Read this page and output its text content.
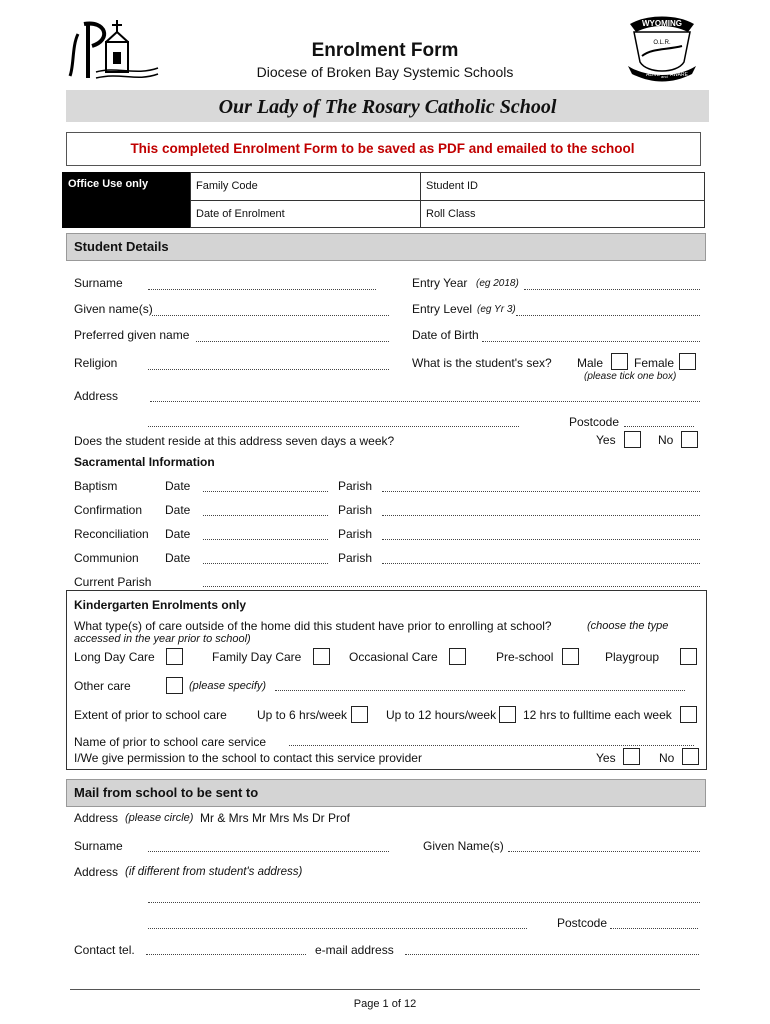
Enrolment Form
Diocese of Broken Bay Systemic Schools
WYOMING
O.L.R.
ALIVE and AWARE
Our Lady of The Rosary Catholic School
This completed Enrolment Form to be saved as PDF and emailed to the school
Office Use only	Family Code	Student ID
Date of Enrolment	Roll Class
Student Details
Surname	Entry Year (eg 2018)
Given name(s)	Entry Level (eg Yr 3)
Preferred given name	Date of Birth
Religion	What is the student's sex? Male	Female
(please tick one box)
Address
Postcode
Does the student reside at this address seven days a week?	Yes	No
Sacramental Information
Baptism	Date	Parish
Confirmation Date	Parish
Reconciliation Date	Parish
Communion Date	Parish
Current Parish
Kindergarten Enrolments only
What type(s) of care outside of the home did this student have prior to enrolling at school?	(choose the type
accessed in the year prior to school)
Long Day Care	Family Day Care	Occasional Care	Pre-school	Playgroup
Other care	(please specify)
Extent of prior to school care	Up to 6 hrs/week	Up to 12 hours/week 12 hrs to fulltime each week
Name of prior to school care service
I/We give permission to the school to contact this service provider	Yes	No
Mail from school to be sent to
Address (please circle) Mr & Mrs Mr Mrs Ms Dr Prof
Surname	Given Name(s)
Address (if different from student's address)
Postcode
Contact tel.	e-mail address
Page 1 of 12
